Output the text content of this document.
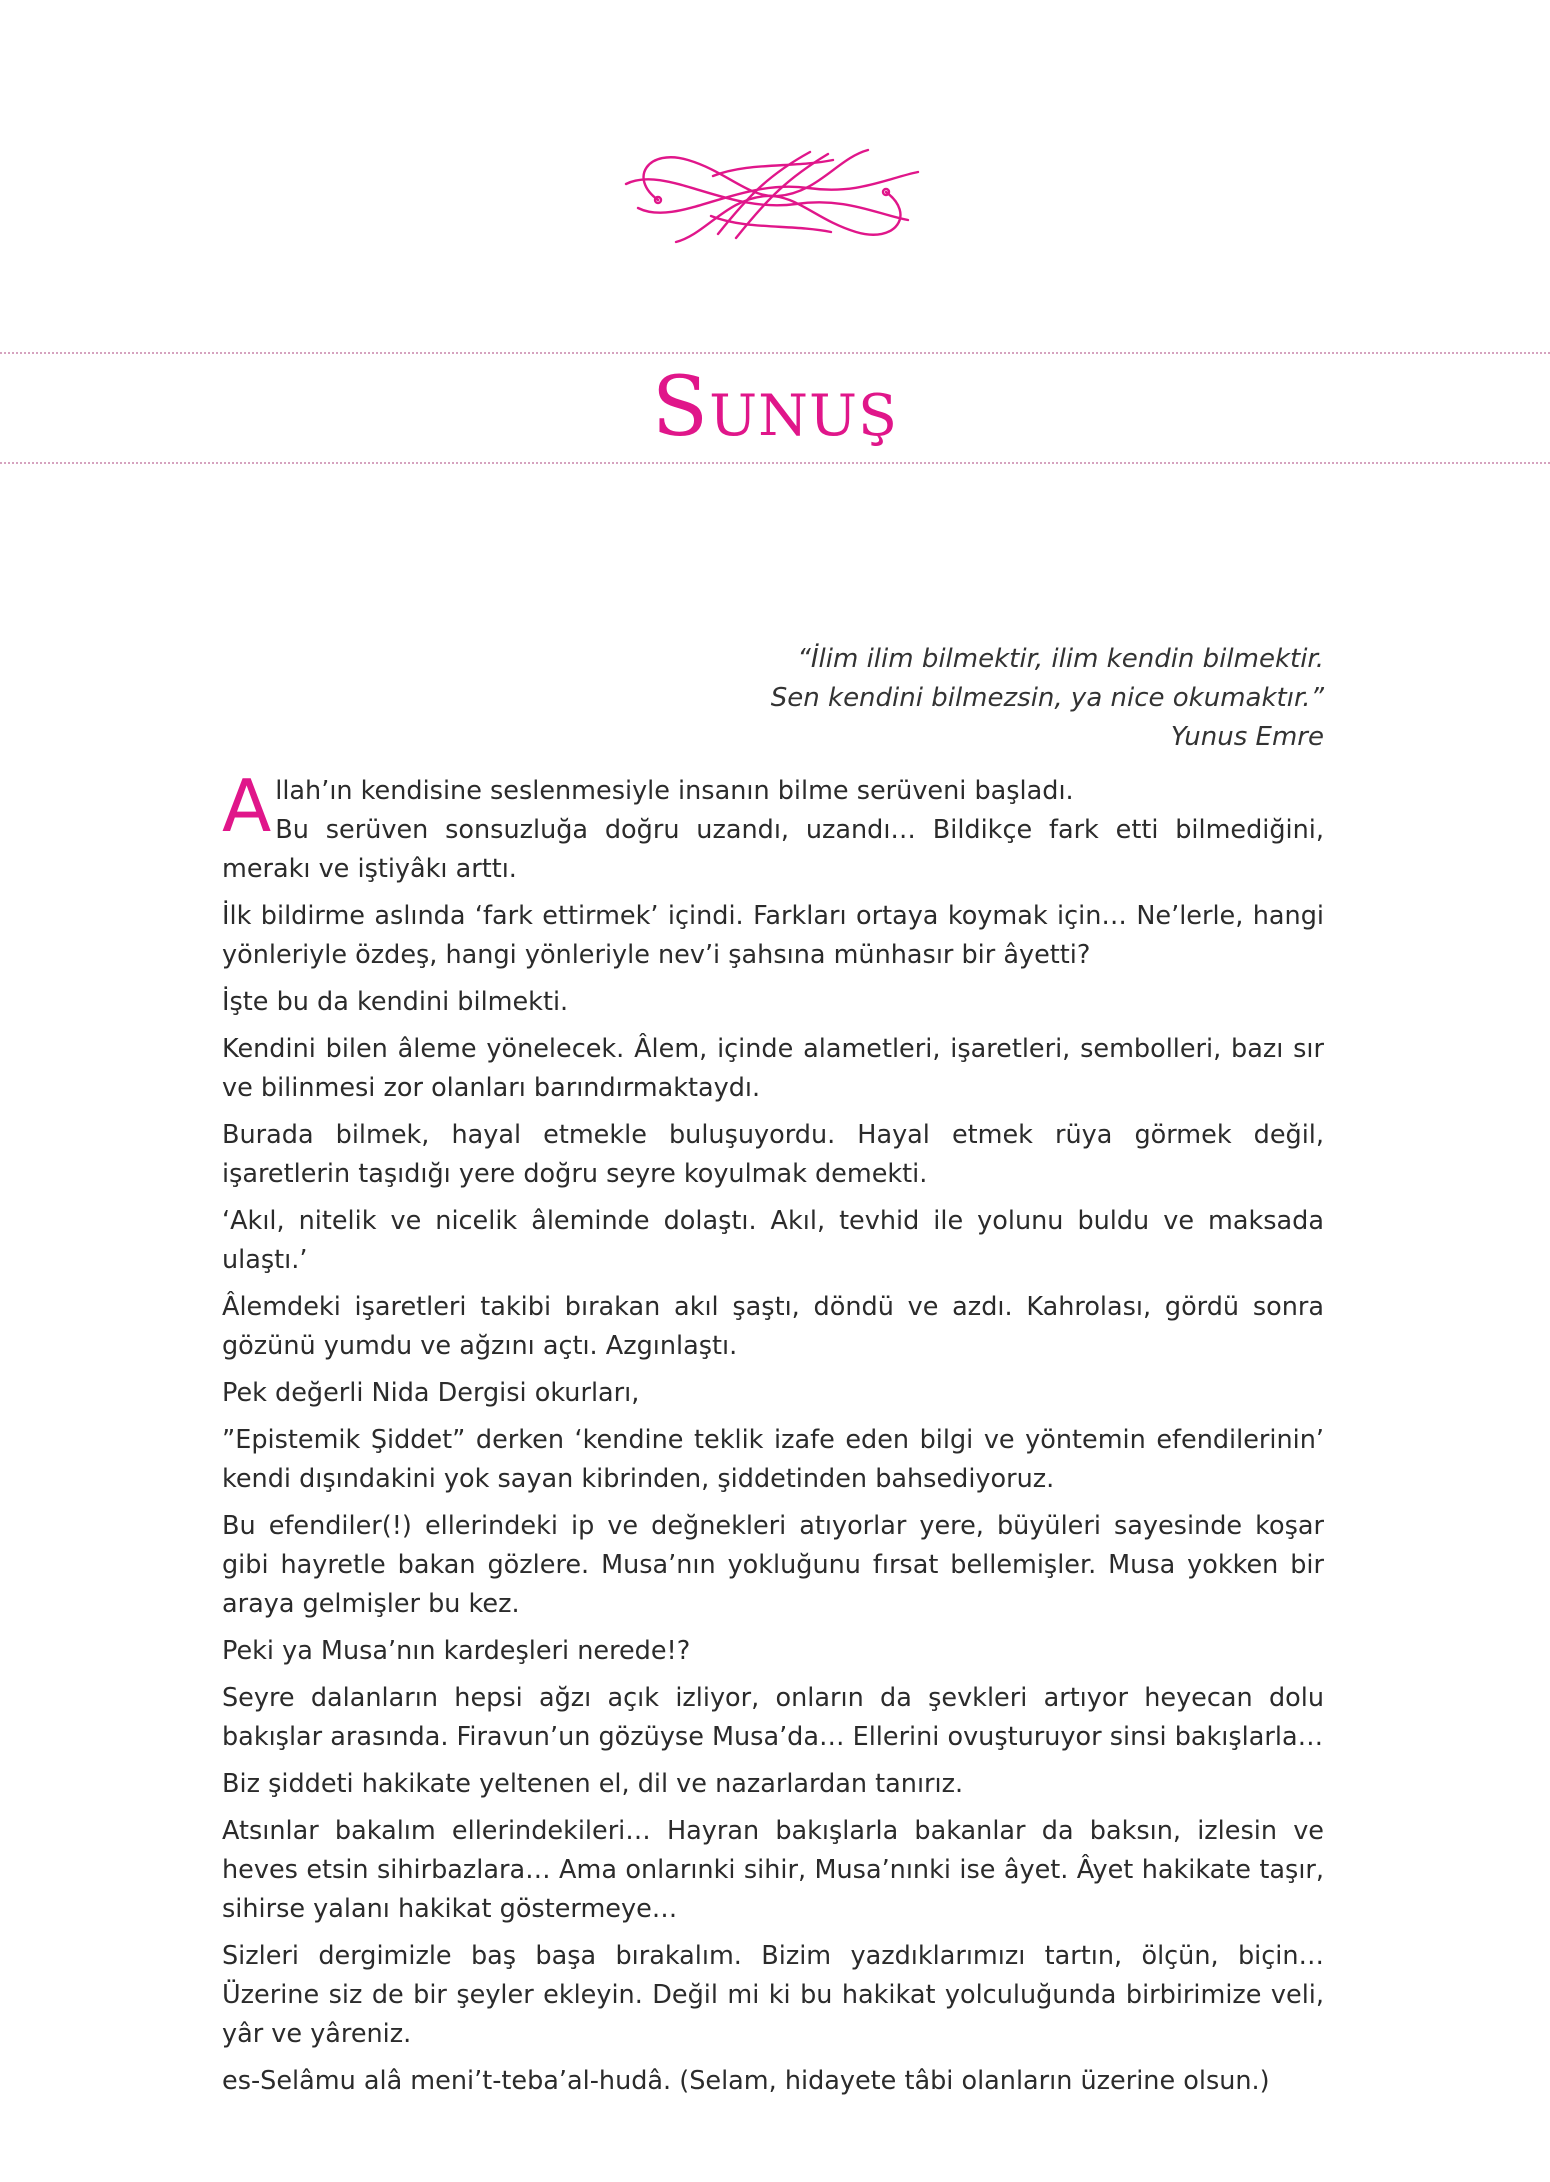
Sunuş
“İlim ilim bilmektir, ilim kendin bilmektir.
Sen kendini bilmezsin, ya nice okumaktır.”
Yunus Emre

A llah’ın kendisine seslenmesiyle insanın bilme serüveni başladı.
Bu serüven sonsuzluğa doğru uzandı, uzandı… Bildikçe fark etti bilmediğini, merakı ve iştiyâkı arttı.

İlk bildirme aslında ‘fark ettirmek’ içindi. Farkları ortaya koymak için… Ne’lerle, hangi yönleriyle özdeş, hangi yönleriyle nev’i şahsına münhasır bir âyetti?

İşte bu da kendini bilmekti.

Kendini bilen âleme yönelecek. Âlem, içinde alametleri, işaretleri, sembolleri, bazı sır ve bilinmesi zor olanları barındırmaktaydı.

Burada bilmek, hayal etmekle buluşuyordu. Hayal etmek rüya görmek değil, işaretlerin taşıdığı yere doğru seyre koyulmak demekti.

‘Akıl, nitelik ve nicelik âleminde dolaştı. Akıl, tevhid ile yolunu buldu ve maksada ulaştı.’

Âlemdeki işaretleri takibi bırakan akıl şaştı, döndü ve azdı. Kahrolası, gördü sonra gözünü yumdu ve ağzını açtı. Azgınlaştı.

Pek değerli Nida Dergisi okurları,

”Epistemik Şiddet” derken ‘kendine teklik izafe eden bilgi ve yöntemin efendilerinin’ kendi dışındakini yok sayan kibrinden, şiddetinden bahsediyoruz.

Bu efendiler(!) ellerindeki ip ve değnekleri atıyorlar yere, büyüleri sayesinde koşar gibi hayretle bakan gözlere. Musa’nın yokluğunu fırsat bellemişler. Musa yokken bir araya gelmişler bu kez.

Peki ya Musa’nın kardeşleri nerede!?

Seyre dalanların hepsi ağzı açık izliyor, onların da şevkleri artıyor heyecan dolu bakışlar arasında. Firavun’un gözüyse Musa’da… Ellerini ovuşturuyor sinsi bakışlarla…

Biz şiddeti hakikate yeltenen el, dil ve nazarlardan tanırız.

Atsınlar bakalım ellerindekileri… Hayran bakışlarla bakanlar da baksın, izlesin ve heves etsin sihirbazlara… Ama onlarınki sihir, Musa’nınki ise âyet. Âyet hakikate taşır, sihirse yalanı hakikat göstermeye…

Sizleri dergimizle baş başa bırakalım. Bizim yazdıklarımızı tartın, ölçün, biçin… Üzerine siz de bir şeyler ekleyin. Değil mi ki bu hakikat yolculuğunda birbirimize veli, yâr ve yâreniz.

es-Selâmu alâ meni’t-teba’al-hudâ. (Selam, hidayete tâbi olanların üzerine olsun.)
